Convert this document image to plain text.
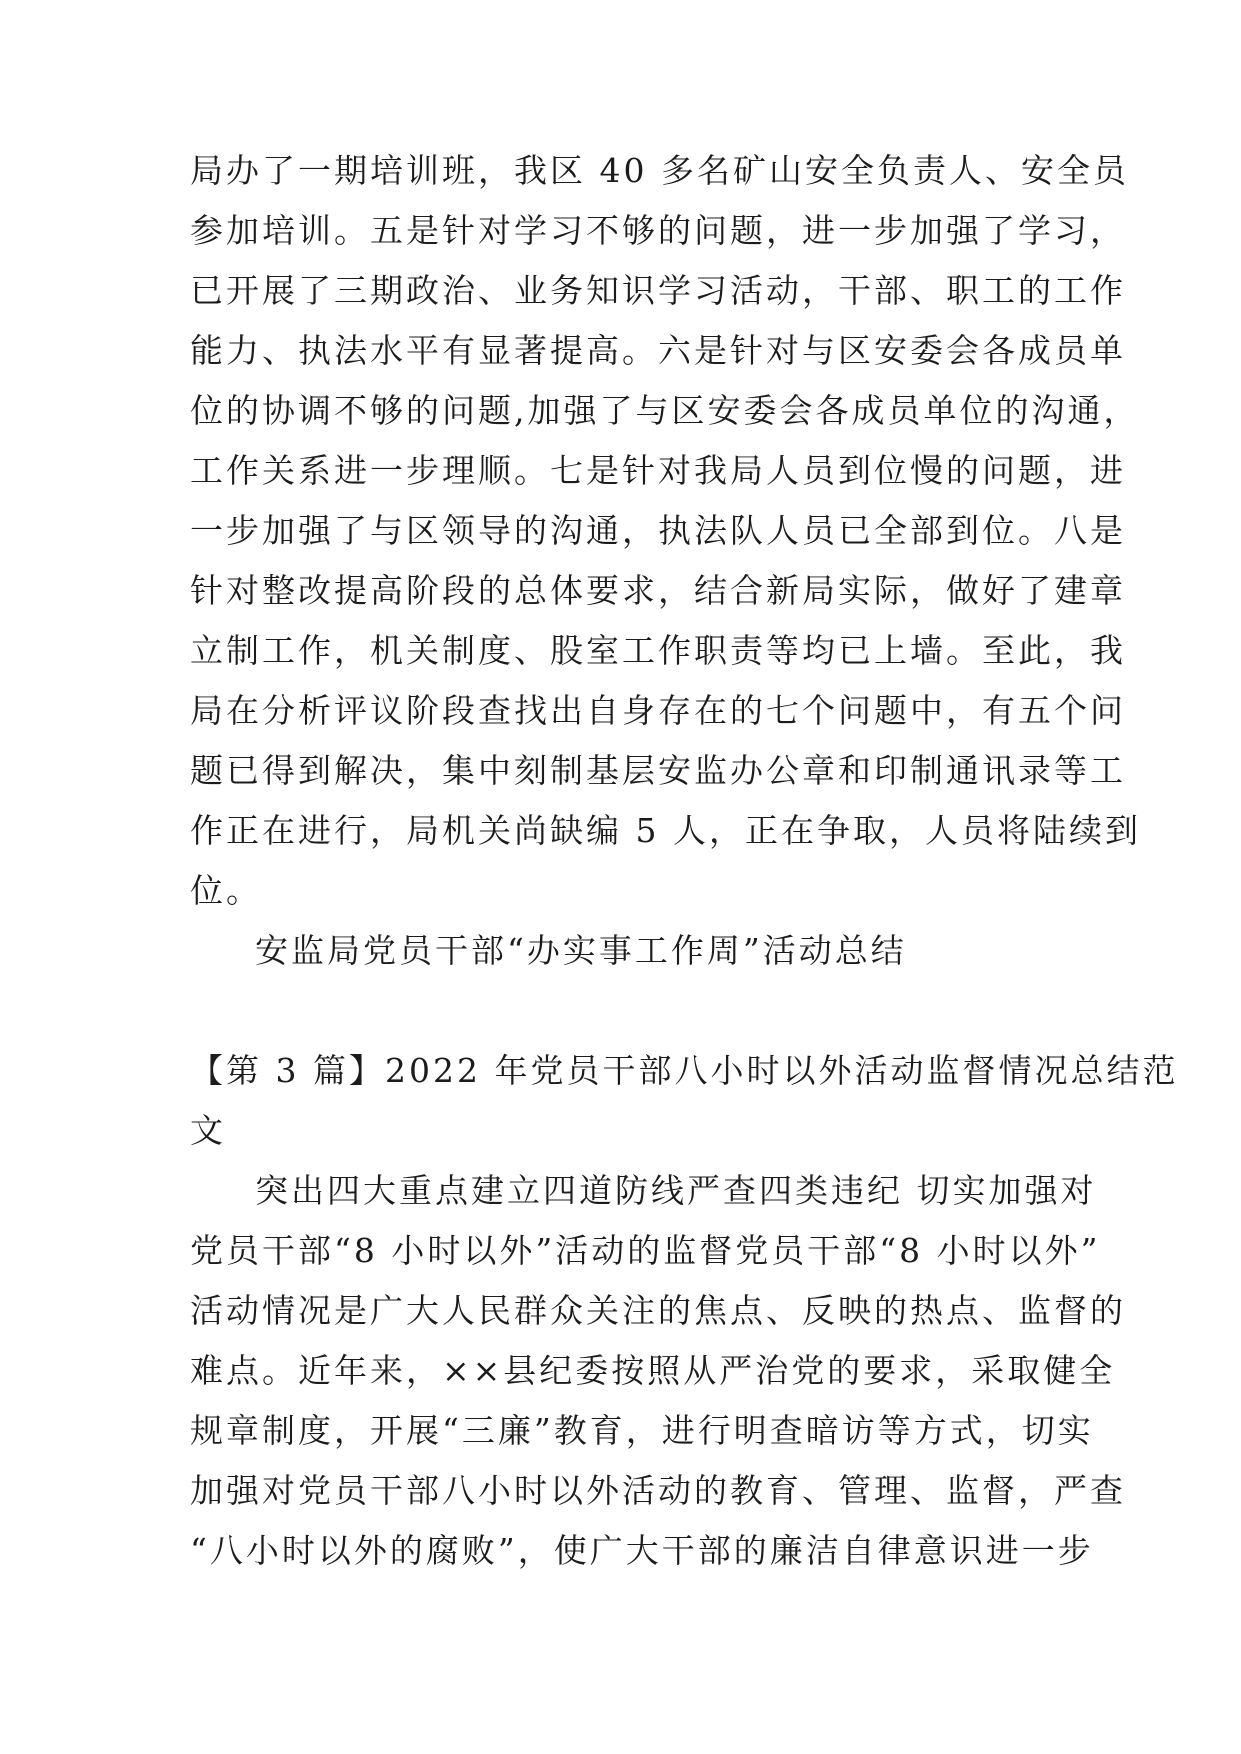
局办了一期培训班，我区 40 多名矿山安全负责人、安全员
参加培训。五是针对学习不够的问题，进一步加强了学习，
已开展了三期政治、业务知识学习活动，干部、职工的工作
能力、执法水平有显著提高。六是针对与区安委会各成员单
位的协调不够的问题,加强了与区安委会各成员单位的沟通，
工作关系进一步理顺。七是针对我局人员到位慢的问题，进
一步加强了与区领导的沟通，执法队人员已全部到位。八是
针对整改提高阶段的总体要求，结合新局实际，做好了建章
立制工作，机关制度、股室工作职责等均已上墙。至此，我
局在分析评议阶段查找出自身存在的七个问题中，有五个问
题已得到解决，集中刻制基层安监办公章和印制通讯录等工
作正在进行，局机关尚缺编 5 人，正在争取，人员将陆续到
位。
安监局党员干部“办实事工作周”活动总结
【第 3 篇】2022 年党员干部八小时以外活动监督情况总结范
文
突出四大重点建立四道防线严查四类违纪 切实加强对
党员干部“8 小时以外”活动的监督党员干部“8 小时以外”
活动情况是广大人民群众关注的焦点、反映的热点、监督的
难点。近年来，××县纪委按照从严治党的要求，采取健全
规章制度，开展“三廉”教育，进行明查暗访等方式，切实
加强对党员干部八小时以外活动的教育、管理、监督，严查
“八小时以外的腐败”，使广大干部的廉洁自律意识进一步
